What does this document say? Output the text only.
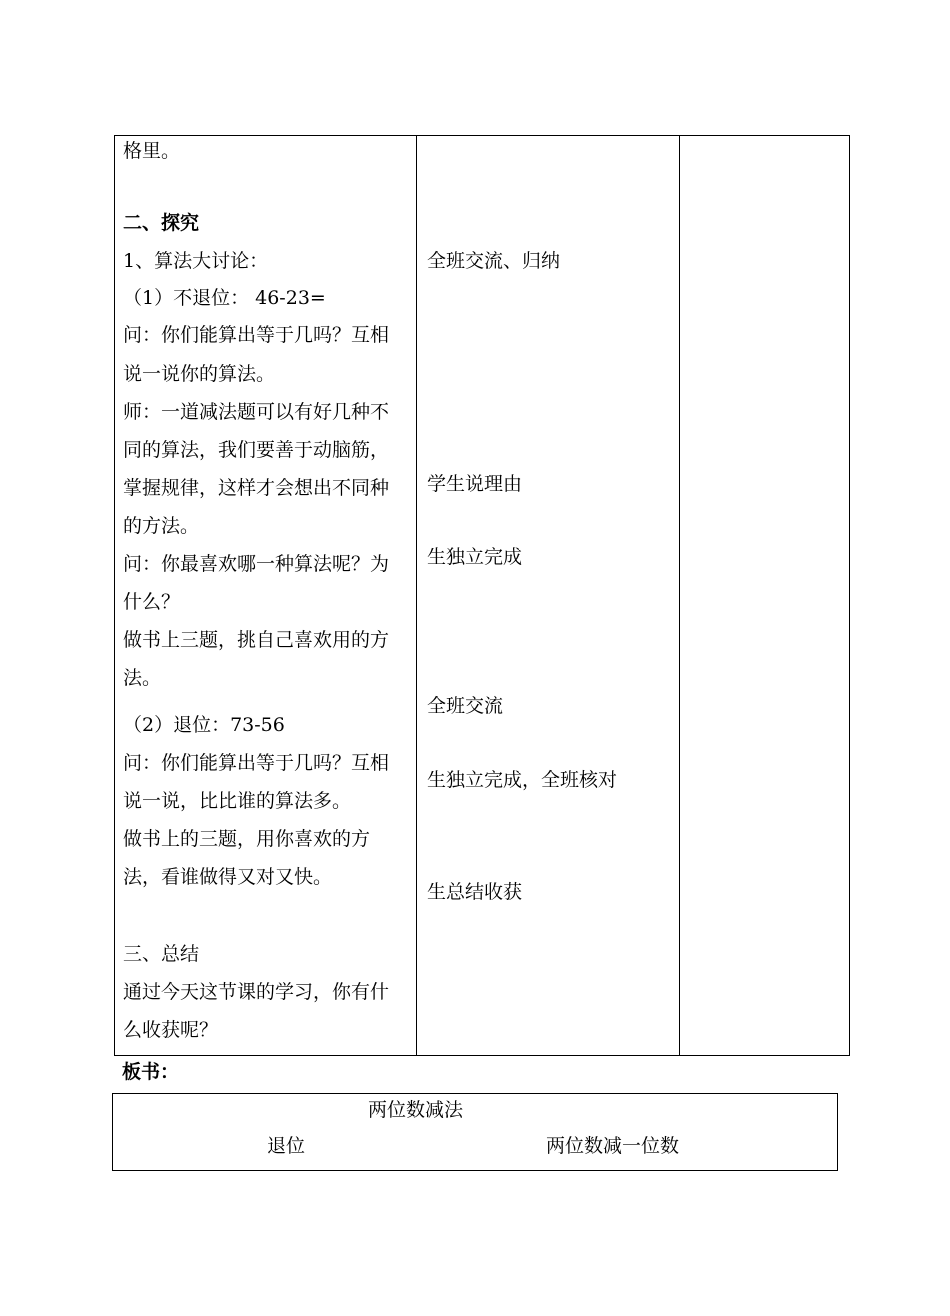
格里。
二、探究
1、算法大讨论：
（1）不退位： 46-23=
问：你们能算出等于几吗？互相
说一说你的算法。
师：一道减法题可以有好几种不
同的算法，我们要善于动脑筋，
掌握规律，这样才会想出不同种
的方法。
问：你最喜欢哪一种算法呢？为
什么？
做书上三题，挑自己喜欢用的方
法。
（2）退位：73-56
问：你们能算出等于几吗？互相
说一说，比比谁的算法多。
做书上的三题，用你喜欢的方
法，看谁做得又对又快。
三、总结
通过今天这节课的学习，你有什
么收获呢？
全班交流、归纳
学生说理由
生独立完成
全班交流
生独立完成，全班核对
生总结收获
板书：
两位数减法
退位	两位数减一位数
